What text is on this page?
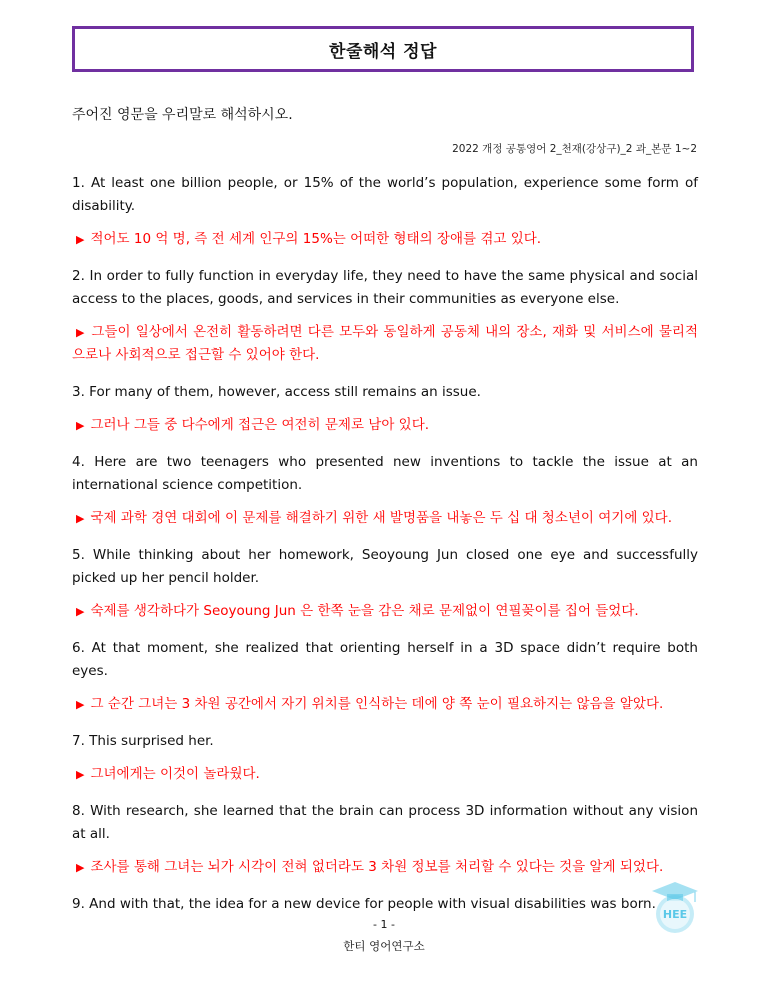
한줄해석 정답
주어진 영문을 우리말로 해석하시오.
2022 개정 공통영어 2_천재(강상구)_2 과_본문 1~2

1. At least one billion people, or 15% of the world’s population, experience some form of disability.

▶ 적어도 10 억 명, 즉 전 세계 인구의 15%는 어떠한 형태의 장애를 겪고 있다.

2. In order to fully function in everyday life, they need to have the same physical and social access to the places, goods, and services in their communities as everyone else.

▶ 그들이 일상에서 온전히 활동하려면 다른 모두와 동일하게 공동체 내의 장소, 재화 및 서비스에 물리적으로나 사회적으로 접근할 수 있어야 한다.

3. For many of them, however, access still remains an issue.

▶ 그러나 그들 중 다수에게 접근은 여전히 문제로 남아 있다.

4. Here are two teenagers who presented new inventions to tackle the issue at an international science competition.

▶ 국제 과학 경연 대회에 이 문제를 해결하기 위한 새 발명품을 내놓은 두 십 대 청소년이 여기에 있다.

5. While thinking about her homework, Seoyoung Jun closed one eye and successfully picked up her pencil holder.

▶ 숙제를 생각하다가 Seoyoung Jun 은 한쪽 눈을 감은 채로 문제없이 연필꽂이를 집어 들었다.

6. At that moment, she realized that orienting herself in a 3D space didn’t require both eyes.

▶ 그 순간 그녀는 3 차원 공간에서 자기 위치를 인식하는 데에 양 쪽 눈이 필요하지는 않음을 알았다.

7. This surprised her.

▶ 그녀에게는 이것이 놀라웠다.

8. With research, she learned that the brain can process 3D information without any vision at all.

▶ 조사를 통해 그녀는 뇌가 시각이 전혀 없더라도 3 차원 정보를 처리할 수 있다는 것을 알게 되었다.

9. And with that, the idea for a new device for people with visual disabilities was born.

HEE
- 1 -
한티 영어연구소
